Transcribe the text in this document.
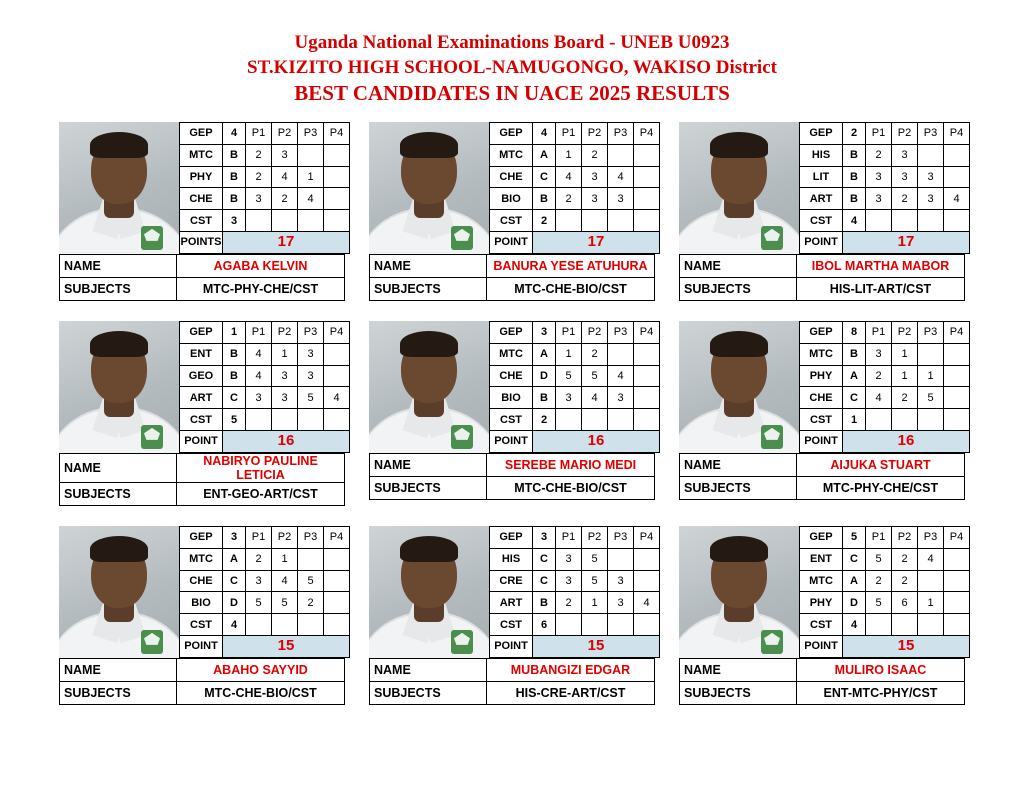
Uganda National Examinations Board - UNEB U0923
ST.KIZITO HIGH SCHOOL-NAMUGONGO, WAKISO District
BEST CANDIDATES IN UACE 2025 RESULTS
GEP	4	P1	P2	P3	P4
MTC	B	2	3		
PHY	B	2	4	1	
CHE	B	3	2	4	
CST	3				
POINTS	17				
NAME	AGABA KELVIN
SUBJECTS	MTC-PHY-CHE/CST
GEP	4	P1	P2	P3	P4
MTC	A	1	2		
CHE	C	4	3	4	
BIO	B	2	3	3	
CST	2				
POINT	17				
NAME	BANURA YESE ATUHURA
SUBJECTS	MTC-CHE-BIO/CST
GEP	2	P1	P2	P3	P4
HIS	B	2	3		
LIT	B	3	3	3	
ART	B	3	2	3	4
CST	4				
POINT	17				
NAME	IBOL MARTHA MABOR
SUBJECTS	HIS-LIT-ART/CST
GEP	1	P1	P2	P3	P4
ENT	B	4	1	3	
GEO	B	4	3	3	
ART	C	3	3	5	4
CST	5				
POINT	16				
NAME	NABIRYO PAULINE LETICIA
SUBJECTS	ENT-GEO-ART/CST
GEP	3	P1	P2	P3	P4
MTC	A	1	2		
CHE	D	5	5	4	
BIO	B	3	4	3	
CST	2				
POINT	16				
NAME	SEREBE MARIO MEDI
SUBJECTS	MTC-CHE-BIO/CST
GEP	8	P1	P2	P3	P4
MTC	B	3	1		
PHY	A	2	1	1	
CHE	C	4	2	5	
CST	1				
POINT	16				
NAME	AIJUKA STUART
SUBJECTS	MTC-PHY-CHE/CST
GEP	3	P1	P2	P3	P4
MTC	A	2	1		
CHE	C	3	4	5	
BIO	D	5	5	2	
CST	4				
POINT	15				
NAME	ABAHO SAYYID
SUBJECTS	MTC-CHE-BIO/CST
GEP	3	P1	P2	P3	P4
HIS	C	3	5		
CRE	C	3	5	3	
ART	B	2	1	3	4
CST	6				
POINT	15				
NAME	MUBANGIZI EDGAR
SUBJECTS	HIS-CRE-ART/CST
GEP	5	P1	P2	P3	P4
ENT	C	5	2	4	
MTC	A	2	2		
PHY	D	5	6	1	
CST	4				
POINT	15				
NAME	MULIRO ISAAC
SUBJECTS	ENT-MTC-PHY/CST
